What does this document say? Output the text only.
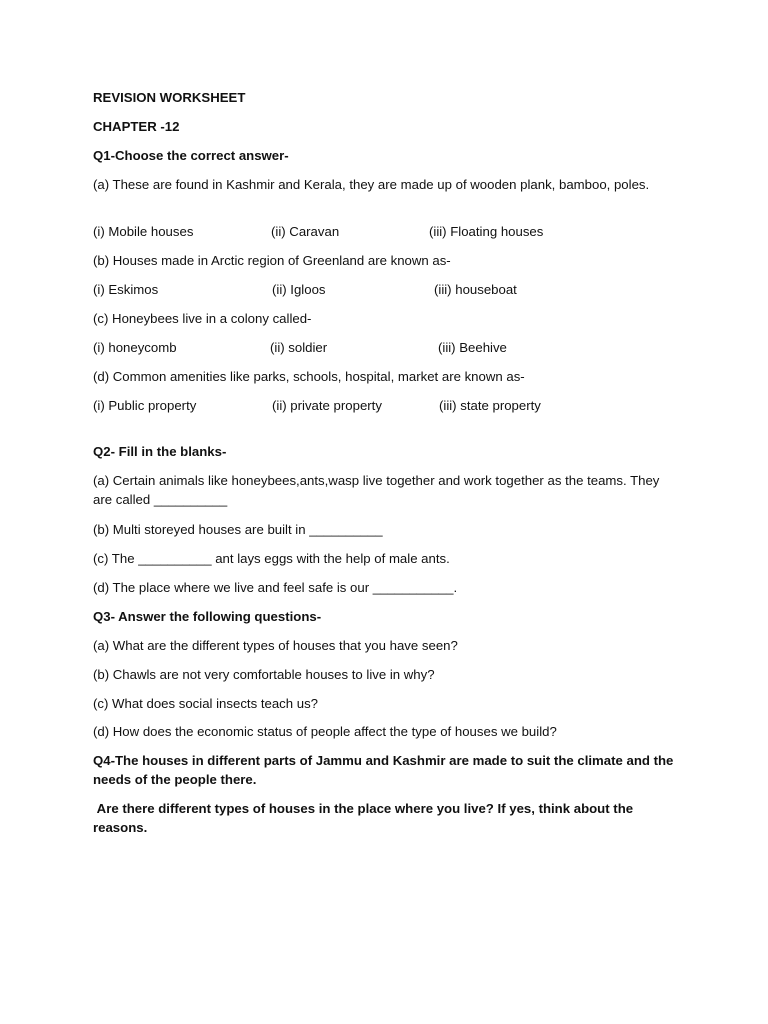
REVISION WORKSHEET
CHAPTER -12
Q1-Choose the correct answer-
(a) These are found in Kashmir and Kerala, they are made up of wooden plank, bamboo, poles.
(i) Mobile houses	(ii) Caravan	(iii) Floating houses
(b) Houses made in Arctic region of Greenland are known as-
(i) Eskimos	(ii) Igloos	(iii) houseboat
(c) Honeybees live in a colony called-
(i) honeycomb	(ii) soldier	(iii) Beehive
(d) Common amenities like parks, schools, hospital, market are known as-
(i) Public property	(ii) private property	(iii) state property
Q2- Fill in the blanks-
(a) Certain animals like honeybees,ants,wasp live together and work together as the teams. They are called __________
(b) Multi storeyed houses are built in __________
(c) The __________ ant lays eggs with the help of male ants.
(d) The place where we live and feel safe is our ___________.
Q3- Answer the following questions-
(a) What are the different types of houses that you have seen?
(b) Chawls are not very comfortable houses to live in why?
(c) What does social insects teach us?
(d) How does the economic status of people affect the type of houses we build?
Q4-The houses in different parts of Jammu and Kashmir are made to suit the climate and the needs of the people there.
Are there different types of houses in the place where you live? If yes, think about the reasons.
